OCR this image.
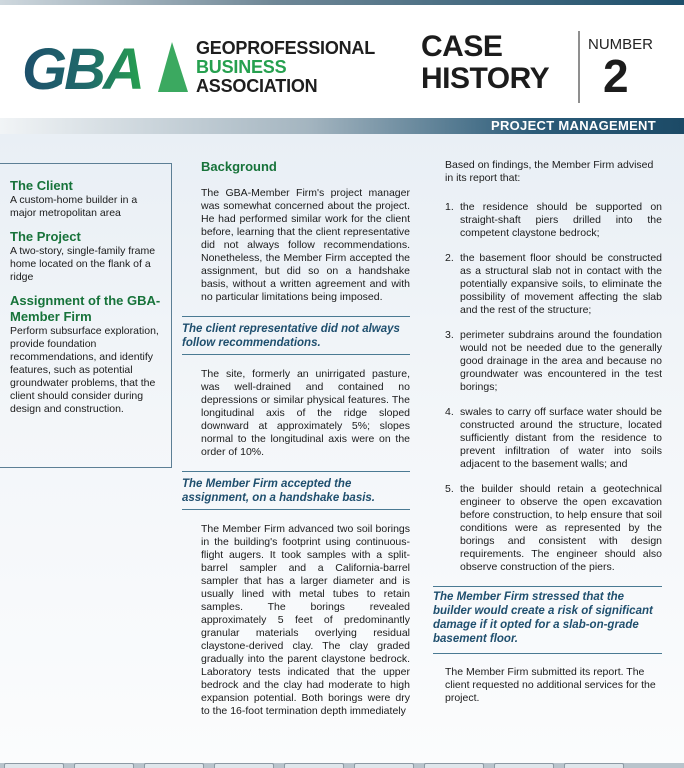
GBA	GEOPROFESSIONAL
BUSINESS
ASSOCIATION
CASE
HISTORY
NUMBER
2
PROJECT MANAGEMENT
The Client
A custom-home builder in a major metropolitan area
The Project
A two-story, single-family frame home located on the flank of a ridge
Assignment of the GBA-Member Firm
Perform subsurface exploration, provide foundation recommendations, and identify features, such as potential groundwater problems, that the client should consider during design and construction.
Background
The GBA-Member Firm's project manager was somewhat concerned about the project. He had performed similar work for the client before, learning that the client representative did not always follow recommendations. Nonetheless, the Member Firm accepted the assignment, but did so on a handshake basis, without a written agreement and with no particular limitations being imposed.
The client representative did not always follow recommendations.
The site, formerly an unirrigated pasture, was well-drained and contained no depressions or similar physical features. The longitudinal axis of the ridge sloped downward at approximately 5%; slopes normal to the longitudinal axis were on the order of 10%.
The Member Firm accepted the assignment, on a handshake basis.
The Member Firm advanced two soil borings in the building's footprint using continuous-flight augers. It took samples with a split-barrel sampler and a California-barrel sampler that has a larger diameter and is usually lined with metal tubes to retain samples. The borings revealed approximately 5 feet of predominantly granular materials overlying residual claystone-derived clay. The clay graded gradually into the parent claystone bedrock. Laboratory tests indicated that the upper bedrock and the clay had moderate to high expansion potential. Both borings were dry to the 16-foot termination depth immediately
Based on findings, the Member Firm advised in its report that:
1. the residence should be supported on straight-shaft piers drilled into the competent claystone bedrock;
2. the basement floor should be constructed as a structural slab not in contact with the potentially expansive soils, to eliminate the possibility of movement affecting the slab and the rest of the structure;
3. perimeter subdrains around the foundation would not be needed due to the generally good drainage in the area and because no groundwater was encountered in the test borings;
4. swales to carry off surface water should be constructed around the structure, located sufficiently distant from the residence to prevent infiltration of water into soils adjacent to the basement walls; and
5. the builder should retain a geotechnical engineer to observe the open excavation before construction, to help ensure that soil conditions were as represented by the borings and consistent with design requirements. The engineer should also observe construction of the piers.
The Member Firm stressed that the builder would create a risk of significant damage if it opted for a slab-on-grade basement floor.
The Member Firm submitted its report. The client requested no additional services for the project.
